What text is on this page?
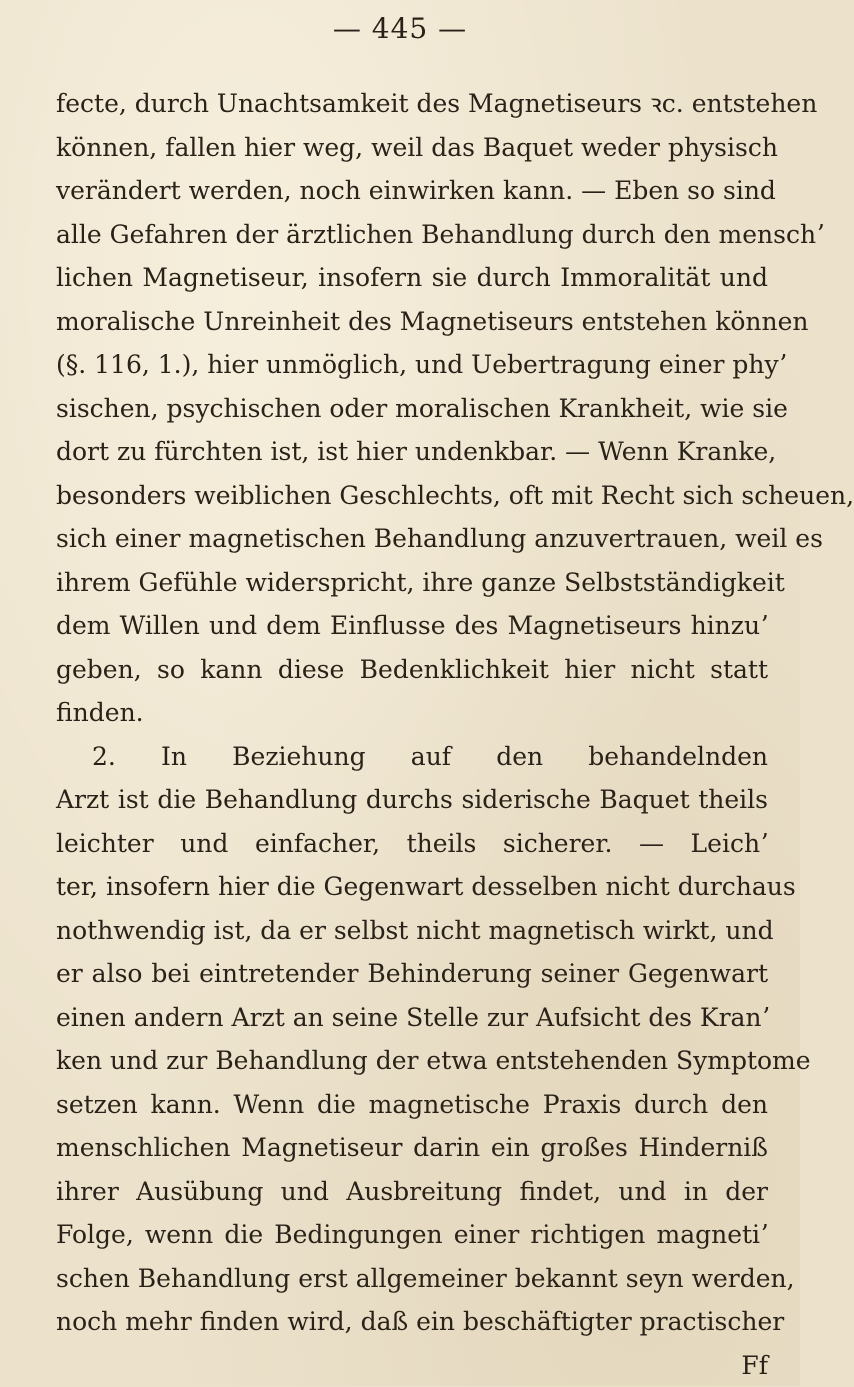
— 445 —
fecte, durch Unachtsamkeit des Magnetiseurs ꝛc. entstehen
können, fallen hier weg, weil das Baquet weder physisch
verändert werden, noch einwirken kann. — Eben so sind
alle Gefahren der ärztlichen Behandlung durch den menschʼ
lichen Magnetiseur, insofern sie durch Immoralität und
moralische Unreinheit des Magnetiseurs entstehen können
(§. 116, 1.), hier unmöglich, und Uebertragung einer phyʼ
sischen, psychischen oder moralischen Krankheit, wie sie
dort zu fürchten ist, ist hier undenkbar. — Wenn Kranke,
besonders weiblichen Geschlechts, oft mit Recht sich scheuen,
sich einer magnetischen Behandlung anzuvertrauen, weil es
ihrem Gefühle widerspricht, ihre ganze Selbstständigkeit
dem Willen und dem Einflusse des Magnetiseurs hinzuʼ
geben, so kann diese Bedenklichkeit hier nicht statt
finden.
2. In Beziehung auf den behandelnden
Arzt ist die Behandlung durchs siderische Baquet theils
leichter und einfacher, theils sicherer. — Leichʼ
ter, insofern hier die Gegenwart desselben nicht durchaus
nothwendig ist, da er selbst nicht magnetisch wirkt, und
er also bei eintretender Behinderung seiner Gegenwart
einen andern Arzt an seine Stelle zur Aufsicht des Kranʼ
ken und zur Behandlung der etwa entstehenden Symptome
setzen kann. Wenn die magnetische Praxis durch den
menschlichen Magnetiseur darin ein großes Hinderniß
ihrer Ausübung und Ausbreitung findet, und in der
Folge, wenn die Bedingungen einer richtigen magnetiʼ
schen Behandlung erst allgemeiner bekannt seyn werden,
noch mehr finden wird, daß ein beschäftigter practischer
Ff
